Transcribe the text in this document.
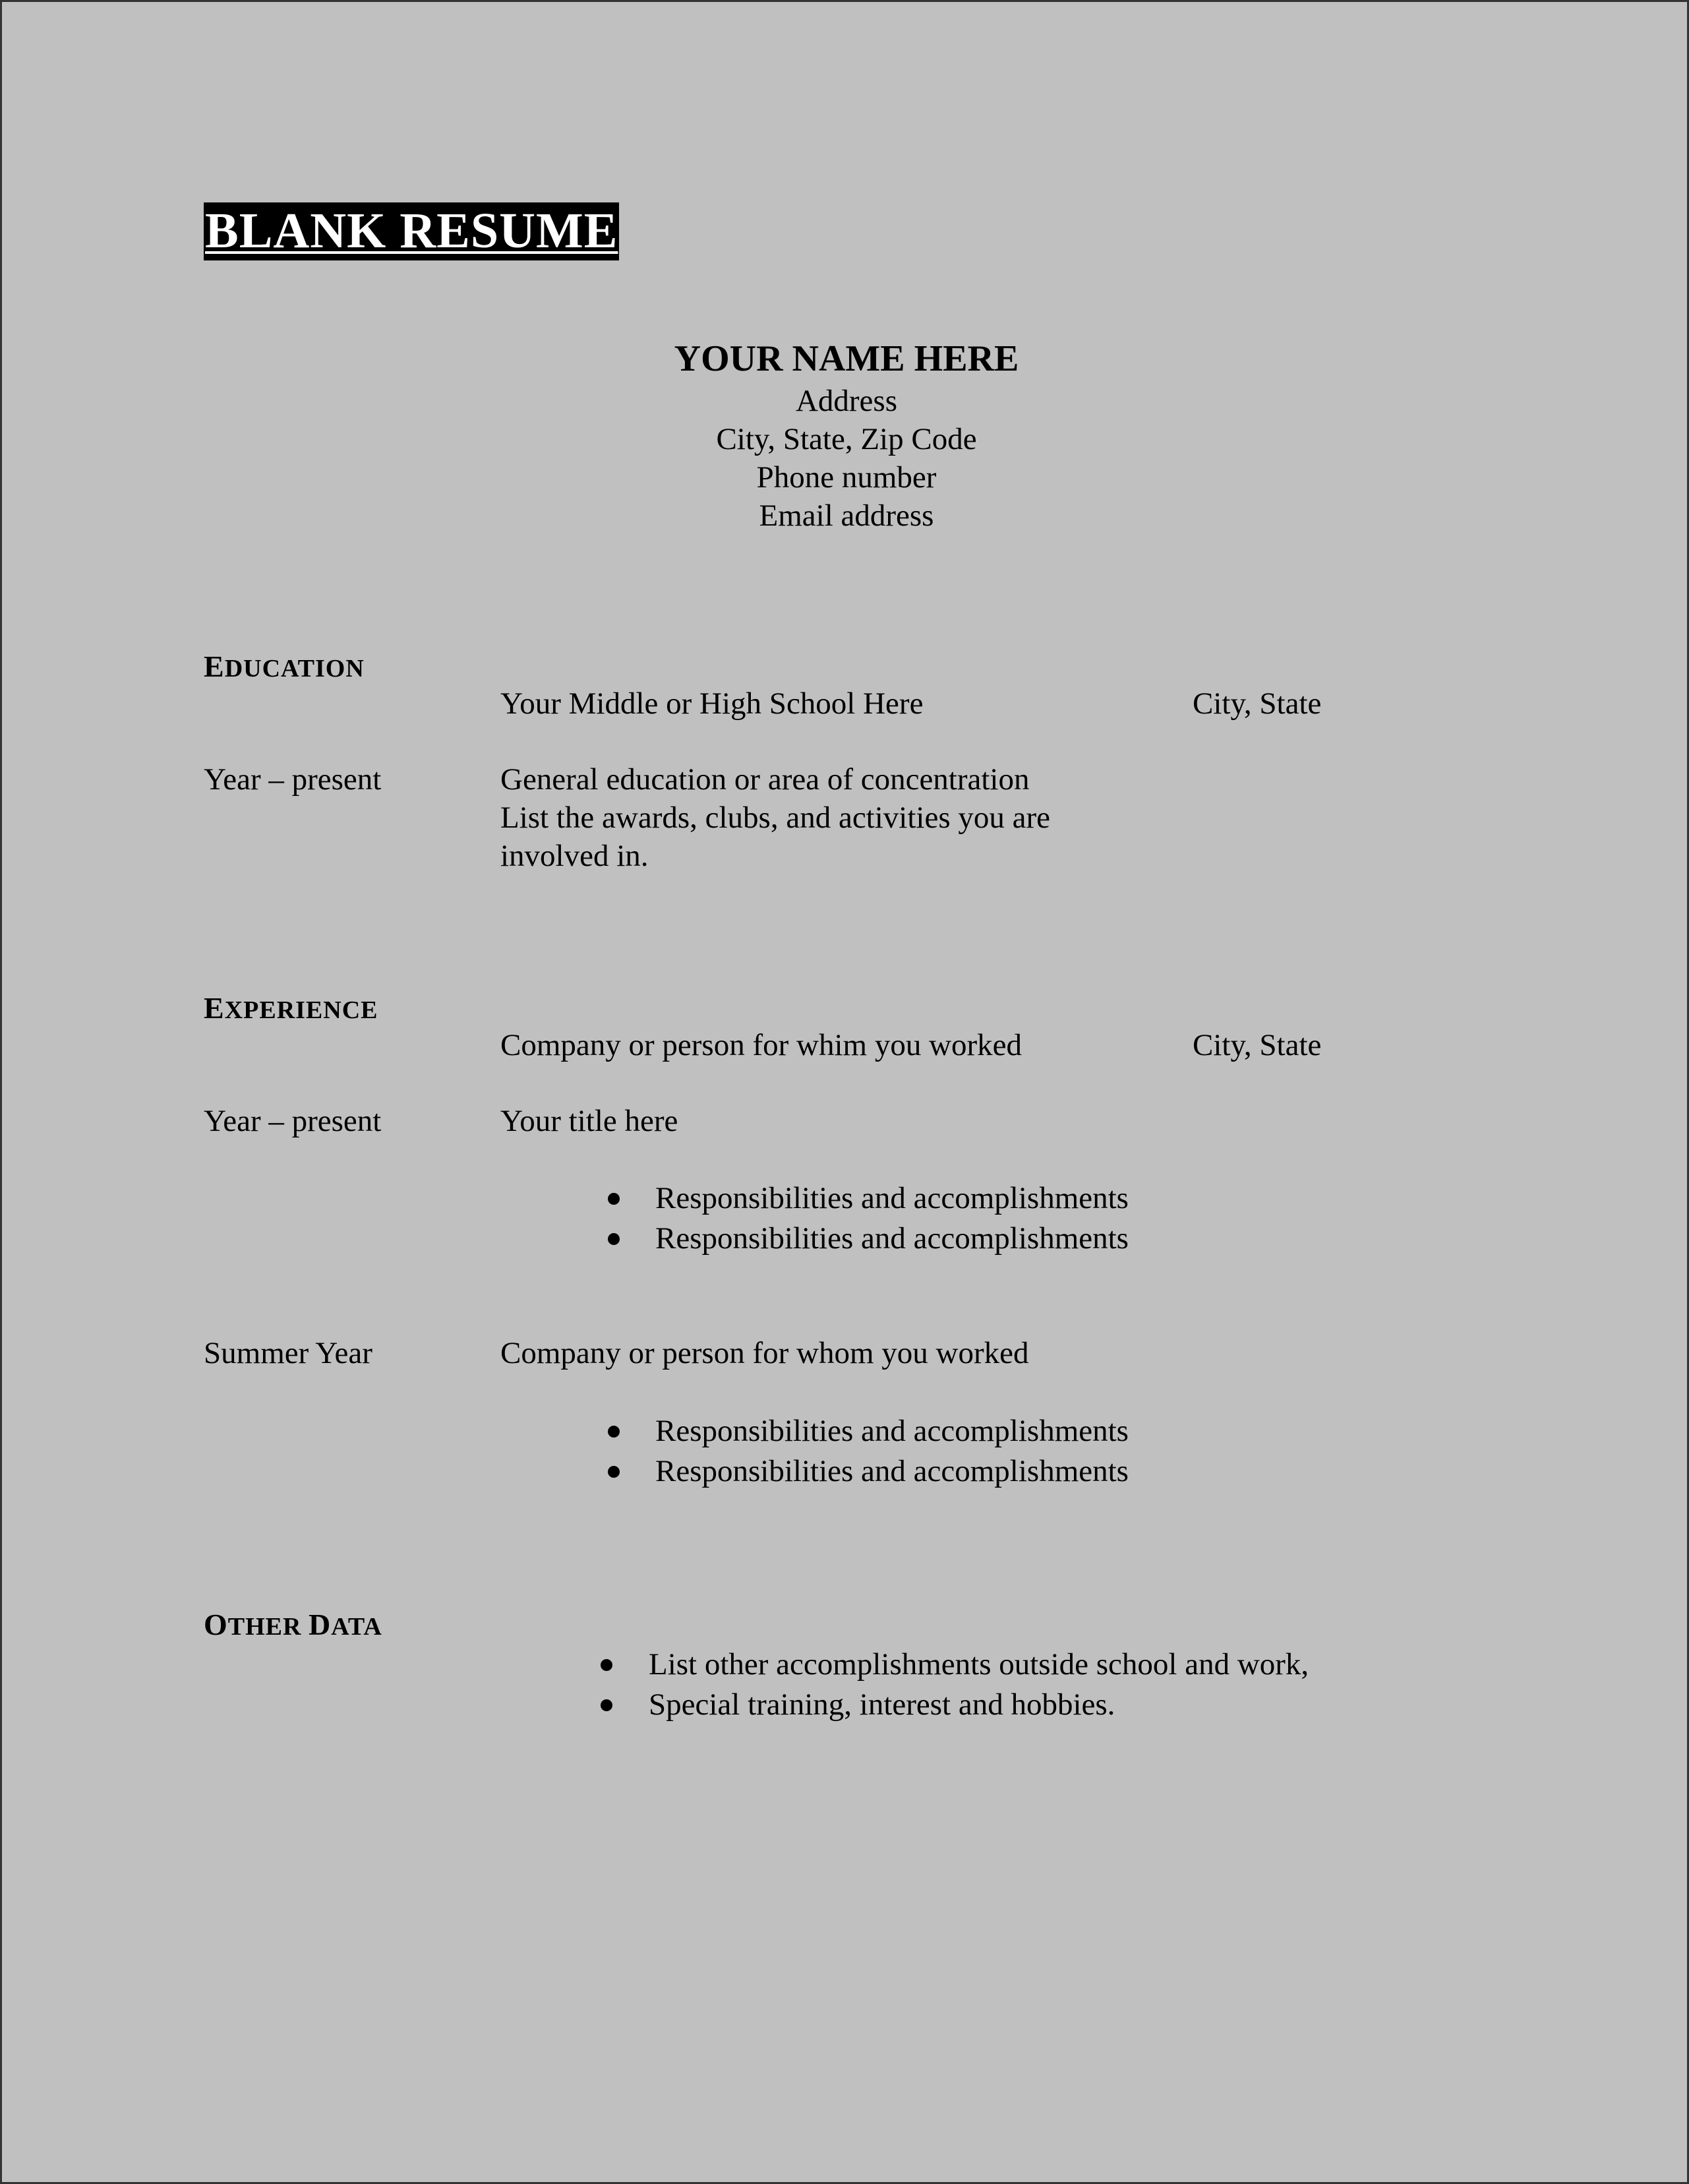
BLANK RESUME
YOUR NAME HERE
Address
City, State, Zip Code
Phone number
Email address
EDUCATION
Your Middle or High School Here	City, State
Year – present	General education or area of concentration
List the awards, clubs, and activities you are
involved in.
EXPERIENCE
Company or person for whim you worked	City, State
Year – present	Your title here
Responsibilities and accomplishments
Responsibilities and accomplishments
Summer Year	Company or person for whom you worked
Responsibilities and accomplishments
Responsibilities and accomplishments
OTHER DATA
List other accomplishments outside school and work,
Special training, interest and hobbies.
